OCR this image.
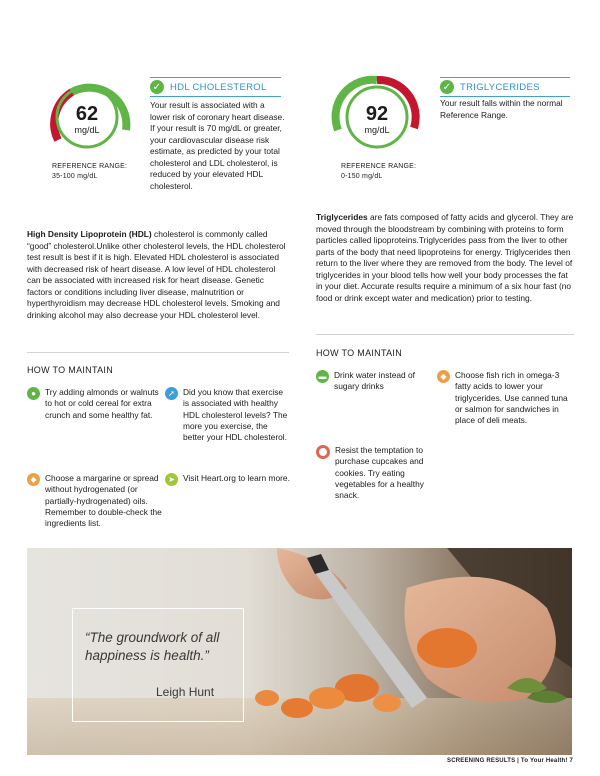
62
mg/dL
REFERENCE RANGE:
35-100 mg/dL
✓ HDL CHOLESTEROL
Your result is associated with a lower risk of coronary heart disease. If your result is 70 mg/dL or greater, your cardiovascular disease risk estimate, as predicted by your total cholesterol and LDL cholesterol, is reduced by your elevated HDL cholesterol.
High Density Lipoprotein (HDL) cholesterol is commonly called “good” cholesterol.Unlike other cholesterol levels, the HDL cholesterol test result is best if it is high. Elevated HDL cholesterol is associated with decreased risk of heart disease. A low level of HDL cholesterol can be associated with increased risk for heart disease. Genetic factors or conditions including liver disease, malnutrition or hyperthyroidism may decrease HDL cholesterol levels. Smoking and drinking alcohol may also decrease your HDL cholesterol level.
HOW TO MAINTAIN
●	Try adding almonds or walnuts to hot or cold cereal for extra crunch and some healthy fat.
➚ Did you know that exercise is associated with healthy HDL cholesterol levels? The more you exercise, the better your HDL cholesterol.
◆	Choose a margarine or spread without hydrogenated (or partially-hydrogenated) oils. Remember to double-check the ingredients list.
➤ Visit Heart.org to learn more.
92
mg/dL
REFERENCE RANGE:
0-150 mg/dL
✓ TRIGLYCERIDES
Your result falls within the normal Reference Range.
Triglycerides are fats composed of fatty acids and glycerol. They are moved through the bloodstream by combining with proteins to form particles called lipoproteins.Triglycerides pass from the liver to other parts of the body that need lipoproteins for energy. Triglycerides then return to the liver where they are removed from the body. The level of triglycerides in your blood tells how well your body processes the fat in your diet. Accurate results require a minimum of a six hour fast (no food or drink except water and medication) prior to testing.
HOW TO MAINTAIN
▬ Drink water instead of sugary drinks
◆	Choose fish rich in omega-3 fatty acids to lower your triglycerides. Use canned tuna or salmon for sandwiches in place of deli meats.
Resist the temptation to purchase cupcakes and cookies. Try eating vegetables for a healthy snack.
“The groundwork of all happiness is health.”
Leigh Hunt
SCREENING RESULTS | To Your Health! 7
